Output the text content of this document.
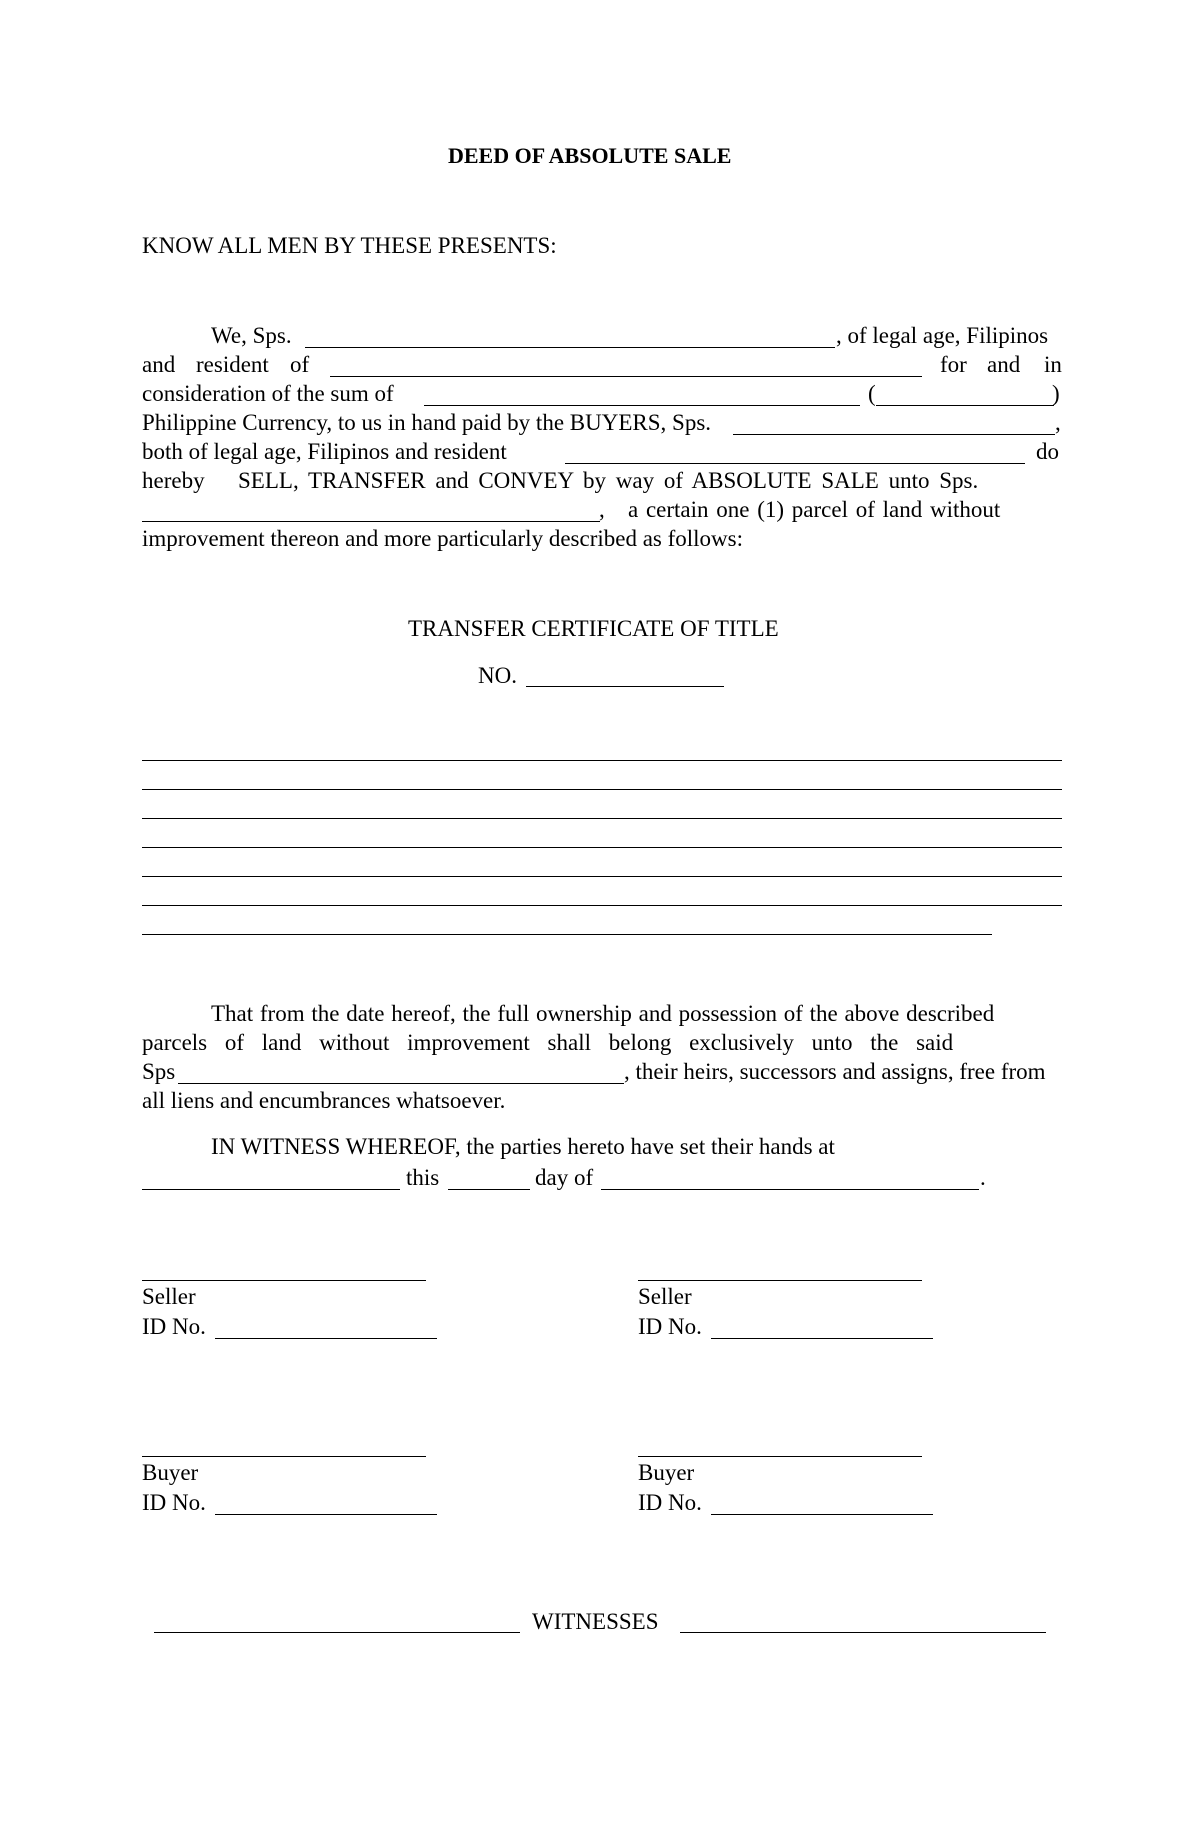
DEED OF ABSOLUTE SALE
KNOW ALL MEN BY THESE PRESENTS:
We, Sps.	, of legal age, Filipinos
and resident of	for and in
consideration of the sum of	(	)
Philippine Currency, to us in hand paid by the BUYERS, Sps.	,
both of legal age, Filipinos and resident	do
hereby SELL, TRANSFER and CONVEY by way of ABSOLUTE SALE unto Sps.
, a certain one (1) parcel of land without
improvement thereon and more particularly described as follows:
TRANSFER CERTIFICATE OF TITLE
NO.
That from the date hereof, the full ownership and possession of the above described
parcels of land without improvement shall belong exclusively unto the said
Sps	, their heirs, successors and assigns, free from
all liens and encumbrances whatsoever.
IN WITNESS WHEREOF, the parties hereto have set their hands at
this	day of	.
Seller
ID No.
Seller
ID No.
Buyer
ID No.
Buyer
ID No.
WITNESSES
